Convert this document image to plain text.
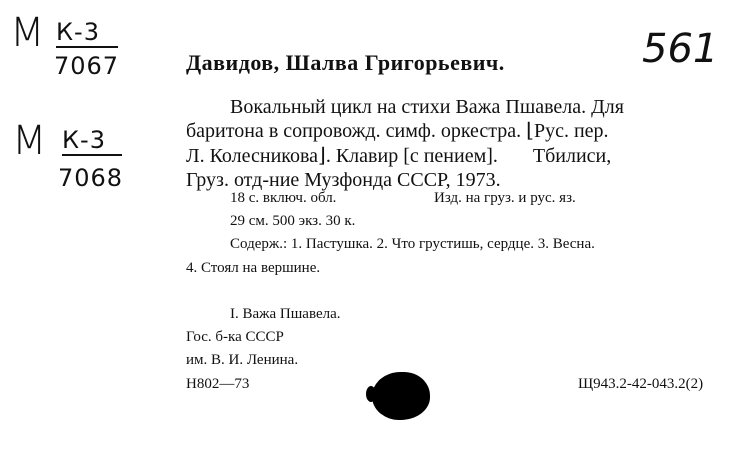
М К-3
7067
М К-3
7068
561
Давидов, Шалва Григорьевич.
Вокальный цикл на стихи Важа Пшавела. Для
баритона в сопровожд. симф. оркестра. ⌊Рус. пер.
Л. Колесникова⌋. Клавир [с пением].       Тбилиси,
Груз. отд-ние Музфонда СССР, 1973.
18 с. включ. обл.	Изд. на груз. и рус. яз.
29 см. 500 экз. 30 к.
Содерж.: 1. Пастушка. 2. Что грустишь, сердце. 3. Весна.
4. Стоял на вершине.
I. Важа Пшавела.
Гос. б-ка СССР
им. В. И. Ленина.
Н802—73	Щ943.2-42-043.2(2)
